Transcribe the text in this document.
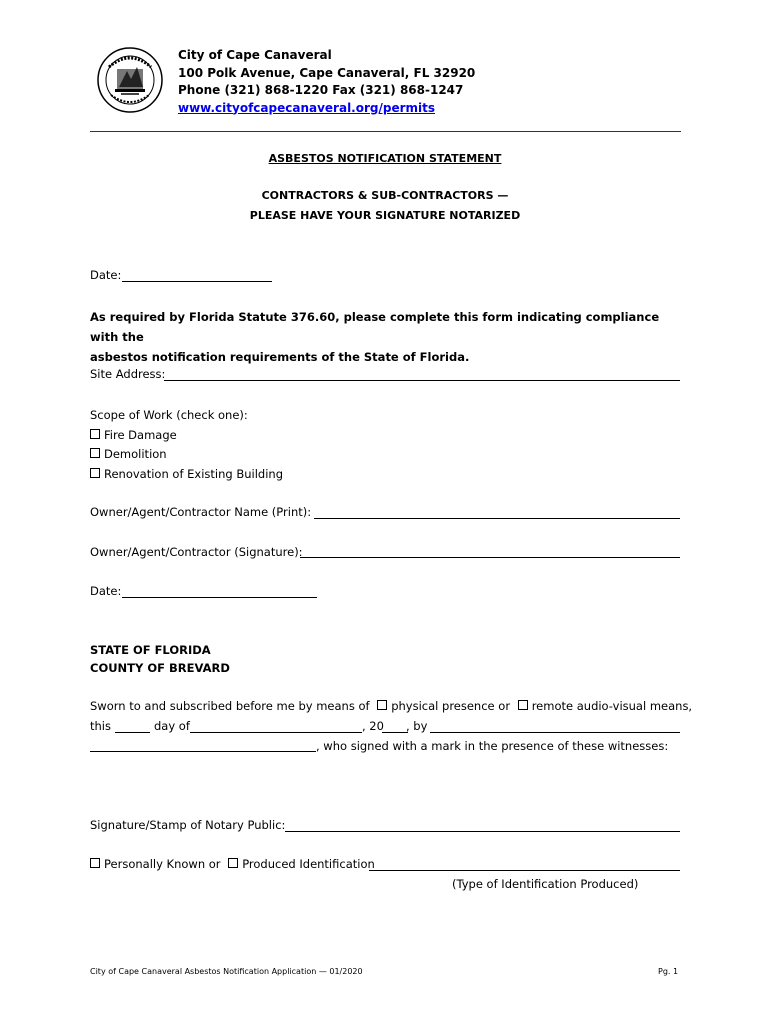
City of Cape Canaveral
100 Polk Avenue, Cape Canaveral, FL 32920
Phone (321) 868-1220 Fax (321) 868-1247
www.cityofcapecanaveral.org/permits
ASBESTOS NOTIFICATION STATEMENT
CONTRACTORS & SUB-CONTRACTORS —
PLEASE HAVE YOUR SIGNATURE NOTARIZED
Date:
As required by Florida Statute 376.60, please complete this form indicating compliance with the
asbestos notification requirements of the State of Florida.
Site Address:
Scope of Work (check one):
Fire Damage
Demolition
Renovation of Existing Building
Owner/Agent/Contractor Name (Print):
Owner/Agent/Contractor (Signature):
Date:
STATE OF FLORIDA
COUNTY OF BREVARD
Sworn to and subscribed before me by means of physical presence or remote audio-visual means,
this	day of	, 20 , by
, who signed with a mark in the presence of these witnesses:
Signature/Stamp of Notary Public:
Personally Known or Produced Identification
(Type of Identification Produced)
City of Cape Canaveral Asbestos Notification Application — 01/2020	Pg. 1
